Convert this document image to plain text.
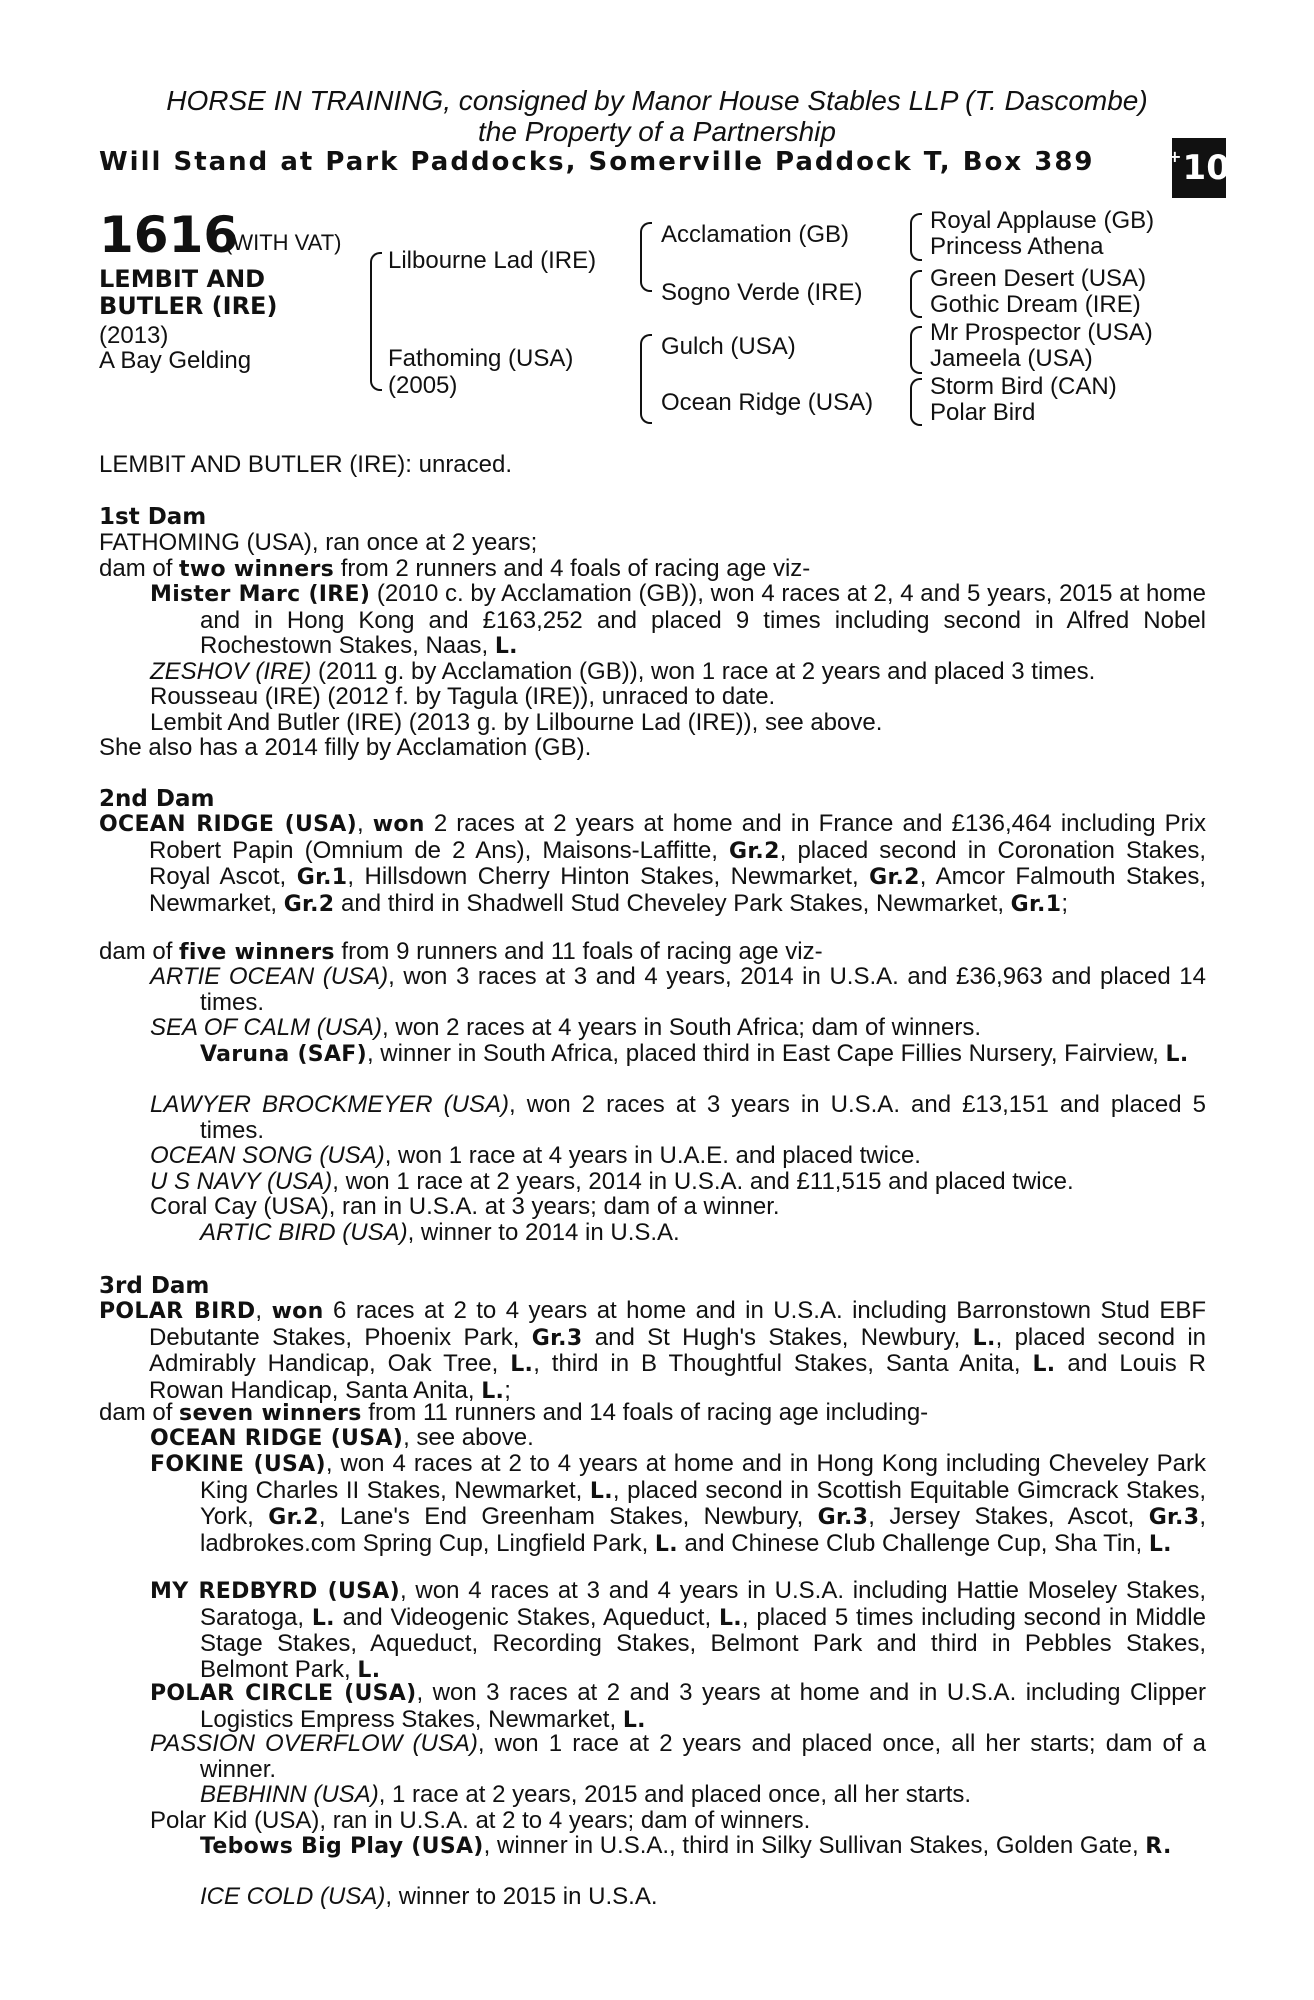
HORSE IN TRAINING, consigned by Manor House Stables LLP (T. Dascombe)
the Property of a Partnership
Will Stand at Park Paddocks, Somerville Paddock T, Box 389	+ 10
1616
(WITH VAT)
LEMBIT AND
BUTLER (IRE)
(2013)
A Bay Gelding
Lilbourne Lad (IRE)
Fathoming (USA)
(2005)
Acclamation (GB)
Sogno Verde (IRE)
Gulch (USA)
Ocean Ridge (USA)
Royal Applause (GB)
Princess Athena
Green Desert (USA)
Gothic Dream (IRE)
Mr Prospector (USA)
Jameela (USA)
Storm Bird (CAN)
Polar Bird
LEMBIT AND BUTLER (IRE): unraced.
1st Dam
FATHOMING (USA), ran once at 2 years;
dam of two winners from 2 runners and 4 foals of racing age viz-
Mister Marc (IRE) (2010 c. by Acclamation (GB)), won 4 races at 2, 4 and 5 years, 2015 at home and in Hong Kong and £163,252 and placed 9 times including second in Alfred Nobel Rochestown Stakes, Naas, L.
ZESHOV (IRE) (2011 g. by Acclamation (GB)), won 1 race at 2 years and placed 3 times.
Rousseau (IRE) (2012 f. by Tagula (IRE)), unraced to date.
Lembit And Butler (IRE) (2013 g. by Lilbourne Lad (IRE)), see above.
She also has a 2014 filly by Acclamation (GB).
2nd Dam
OCEAN RIDGE (USA), won 2 races at 2 years at home and in France and £136,464 including Prix Robert Papin (Omnium de 2 Ans), Maisons-Laffitte, Gr.2, placed second in Coronation Stakes, Royal Ascot, Gr.1, Hillsdown Cherry Hinton Stakes, Newmarket, Gr.2, Amcor Falmouth Stakes, Newmarket, Gr.2 and third in Shadwell Stud Cheveley Park Stakes, Newmarket, Gr.1;
dam of five winners from 9 runners and 11 foals of racing age viz-
ARTIE OCEAN (USA), won 3 races at 3 and 4 years, 2014 in U.S.A. and £36,963 and placed 14 times.
SEA OF CALM (USA), won 2 races at 4 years in South Africa; dam of winners.
Varuna (SAF), winner in South Africa, placed third in East Cape Fillies Nursery, Fairview, L.
LAWYER BROCKMEYER (USA), won 2 races at 3 years in U.S.A. and £13,151 and placed 5 times.
OCEAN SONG (USA), won 1 race at 4 years in U.A.E. and placed twice.
U S NAVY (USA), won 1 race at 2 years, 2014 in U.S.A. and £11,515 and placed twice.
Coral Cay (USA), ran in U.S.A. at 3 years; dam of a winner.
ARTIC BIRD (USA), winner to 2014 in U.S.A.
3rd Dam
POLAR BIRD, won 6 races at 2 to 4 years at home and in U.S.A. including Barronstown Stud EBF Debutante Stakes, Phoenix Park, Gr.3 and St Hugh's Stakes, Newbury, L., placed second in Admirably Handicap, Oak Tree, L., third in B Thoughtful Stakes, Santa Anita, L. and Louis R Rowan Handicap, Santa Anita, L.;
dam of seven winners from 11 runners and 14 foals of racing age including-
OCEAN RIDGE (USA), see above.
FOKINE (USA), won 4 races at 2 to 4 years at home and in Hong Kong including Cheveley Park King Charles II Stakes, Newmarket, L., placed second in Scottish Equitable Gimcrack Stakes, York, Gr.2, Lane's End Greenham Stakes, Newbury, Gr.3, Jersey Stakes, Ascot, Gr.3, ladbrokes.com Spring Cup, Lingfield Park, L. and Chinese Club Challenge Cup, Sha Tin, L.
MY REDBYRD (USA), won 4 races at 3 and 4 years in U.S.A. including Hattie Moseley Stakes, Saratoga, L. and Videogenic Stakes, Aqueduct, L., placed 5 times including second in Middle Stage Stakes, Aqueduct, Recording Stakes, Belmont Park and third in Pebbles Stakes, Belmont Park, L.
POLAR CIRCLE (USA), won 3 races at 2 and 3 years at home and in U.S.A. including Clipper Logistics Empress Stakes, Newmarket, L.
PASSION OVERFLOW (USA), won 1 race at 2 years and placed once, all her starts; dam of a winner.
BEBHINN (USA), 1 race at 2 years, 2015 and placed once, all her starts.
Polar Kid (USA), ran in U.S.A. at 2 to 4 years; dam of winners.
Tebows Big Play (USA), winner in U.S.A., third in Silky Sullivan Stakes, Golden Gate, R.
ICE COLD (USA), winner to 2015 in U.S.A.
